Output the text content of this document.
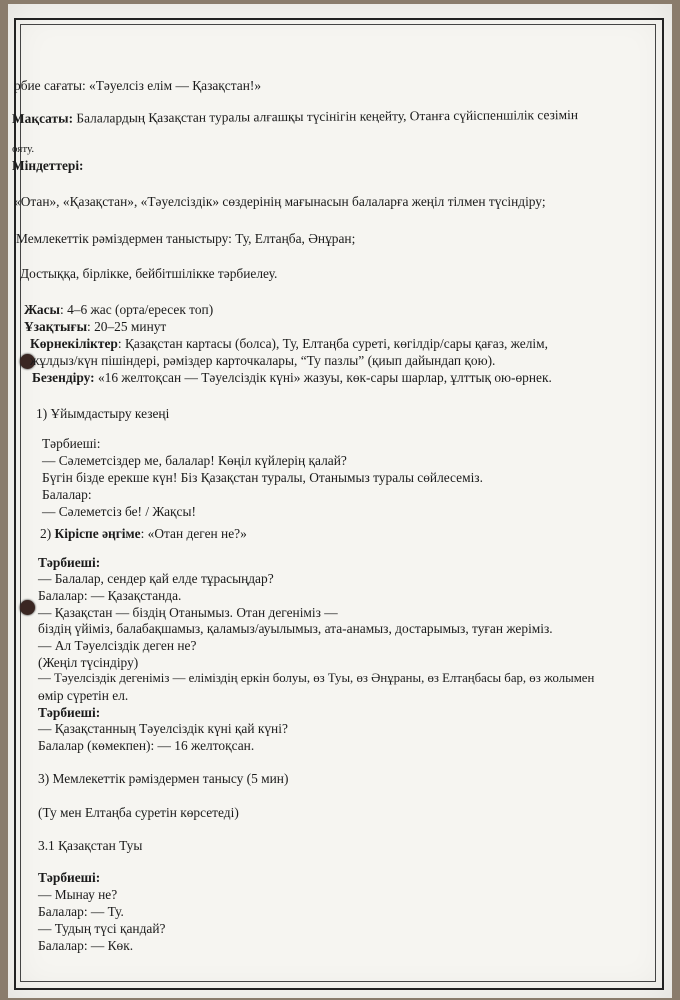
рбие сағаты: «Тәуелсіз елім — Қазақстан!»
Мақсаты: Балалардың Қазақстан туралы алғашқы түсінігін кеңейту, Отанға сүйіспеншілік сезімін
ояту.
Міндеттері:
«Отан», «Қазақстан», «Тәуелсіздік» сөздерінің мағынасын балаларға жеңіл тілмен түсіндіру;
Мемлекеттік рәміздермен таныстыру: Ту, Елтаңба, Әнұран;
Достыққа, бірлікке, бейбітшілікке тәрбиелеу.
Жасы: 4–6 жас (орта/ересек топ)
Ұзақтығы: 20–25 минут
Көрнекіліктер: Қазақстан картасы (болса), Ту, Елтаңба суреті, көгілдір/сары қағаз, желім,
жұлдыз/күн пішіндері, рәміздер карточкалары, “Ту пазлы” (қиып дайындап қою).
Безендіру: «16 желтоқсан — Тәуелсіздік күні» жазуы, көк-сары шарлар, ұлттық ою-өрнек.
1) Ұйымдастыру кезеңі
Тәрбиеші:
— Сәлеметсіздер ме, балалар! Көңіл күйлерің қалай?
Бүгін бізде ерекше күн! Біз Қазақстан туралы, Отанымыз туралы сөйлесеміз.
Балалар:
— Сәлеметсіз бе! / Жақсы!
2) Кіріспе әңгіме: «Отан деген не?»
Тәрбиеші:
— Балалар, сендер қай елде тұрасыңдар?
Балалар: — Қазақстанда.
— Қазақстан — біздің Отанымыз. Отан дегеніміз —
біздің үйіміз, балабақшамыз, қаламыз/ауылымыз, ата-анамыз, достарымыз, туған жеріміз.
— Ал Тәуелсіздік деген не?
(Жеңіл түсіндіру)
— Тәуелсіздік дегеніміз — еліміздің еркін болуы, өз Туы, өз Әнұраны, өз Елтаңбасы бар, өз жолымен
өмір сүретін ел.
Тәрбиеші:
— Қазақстанның Тәуелсіздік күні қай күні?
Балалар (көмекпен): — 16 желтоқсан.
3) Мемлекеттік рәміздермен танысу (5 мин)
(Ту мен Елтаңба суретін көрсетеді)
3.1 Қазақстан Туы
Тәрбиеші:
— Мынау не?
Балалар: — Ту.
— Тудың түсі қандай?
Балалар: — Көк.
